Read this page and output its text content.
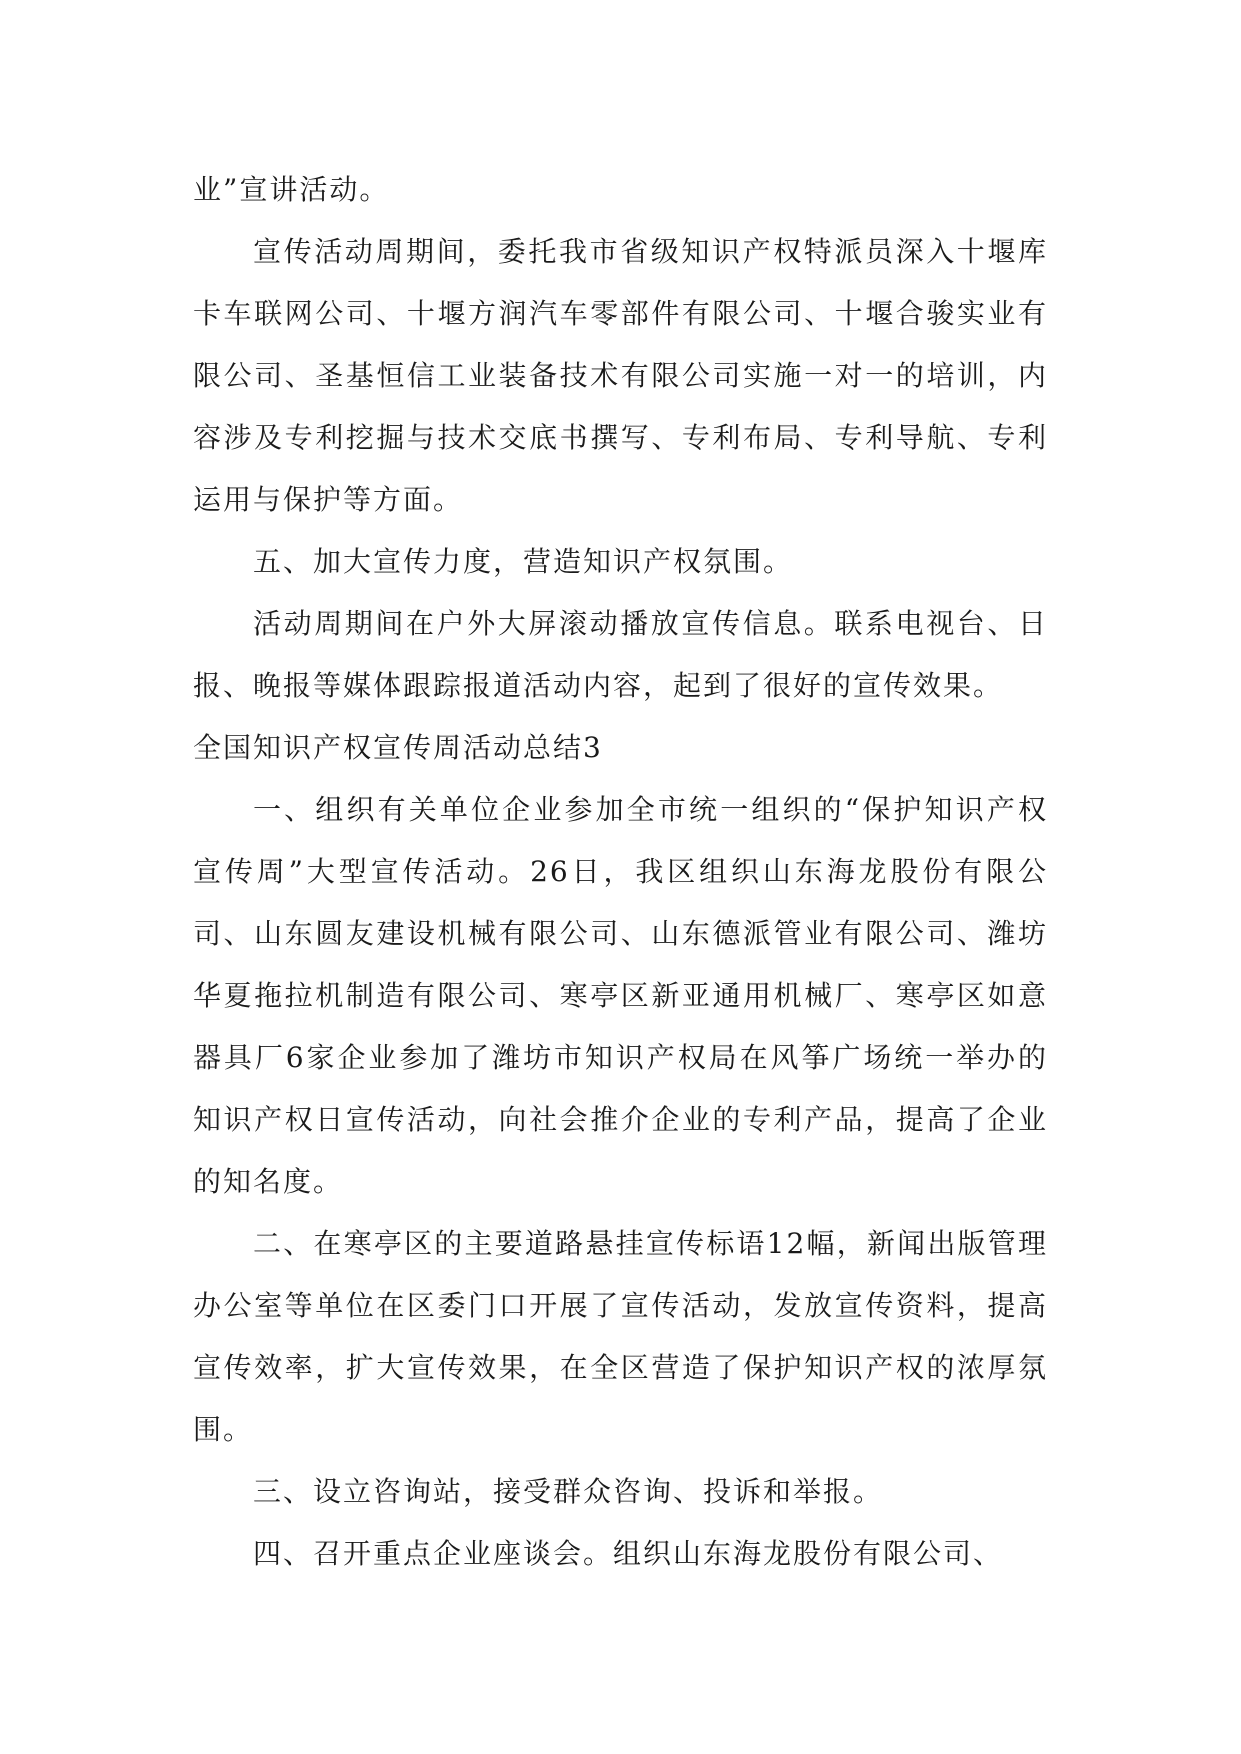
业”宣讲活动。

宣传活动周期间，委托我市省级知识产权特派员深入十堰库卡车联网公司、十堰方润汽车零部件有限公司、十堰合骏实业有限公司、圣基恒信工业装备技术有限公司实施一对一的培训，内容涉及专利挖掘与技术交底书撰写、专利布局、专利导航、专利运用与保护等方面。

五、加大宣传力度，营造知识产权氛围。

活动周期间在户外大屏滚动播放宣传信息。联系电视台、日报、晚报等媒体跟踪报道活动内容，起到了很好的宣传效果。

全国知识产权宣传周活动总结3

一、组织有关单位企业参加全市统一组织的“保护知识产权宣传周”大型宣传活动。26日，我区组织山东海龙股份有限公司、山东圆友建设机械有限公司、山东德派管业有限公司、潍坊华夏拖拉机制造有限公司、寒亭区新亚通用机械厂、寒亭区如意器具厂6家企业参加了潍坊市知识产权局在风筝广场统一举办的知识产权日宣传活动，向社会推介企业的专利产品，提高了企业的知名度。

二、在寒亭区的主要道路悬挂宣传标语12幅，新闻出版管理办公室等单位在区委门口开展了宣传活动，发放宣传资料，提高宣传效率，扩大宣传效果，在全区营造了保护知识产权的浓厚氛围。

三、设立咨询站，接受群众咨询、投诉和举报。

四、召开重点企业座谈会。组织山东海龙股份有限公司、
